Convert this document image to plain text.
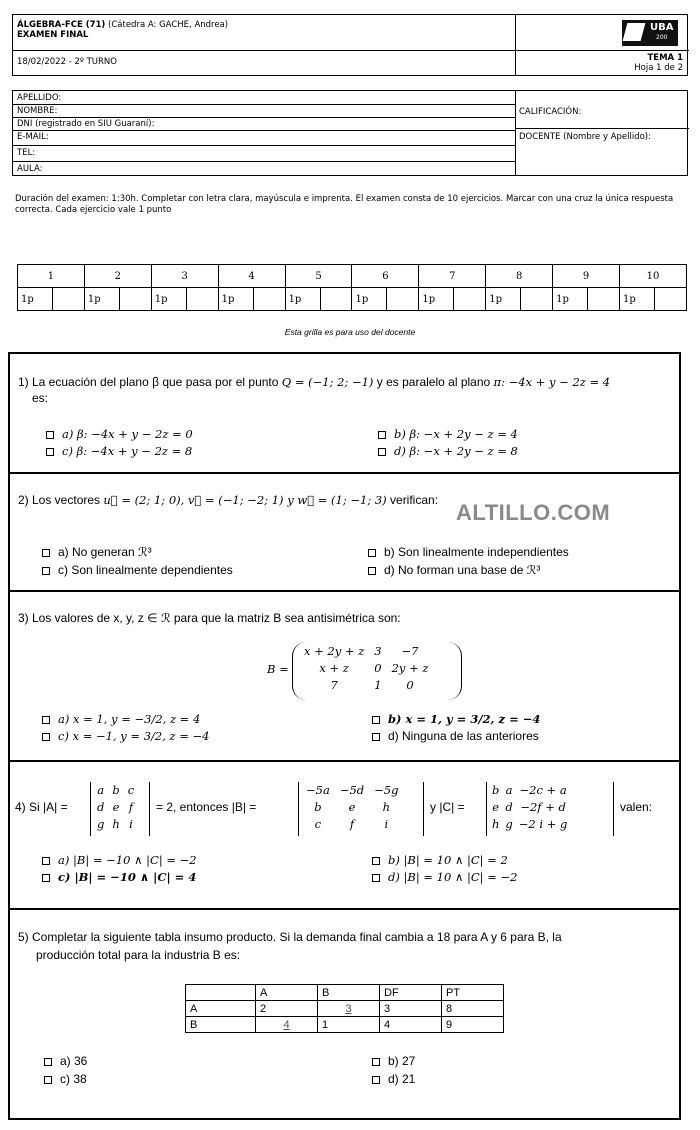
ÁLGEBRA-FCE (71) (Cátedra A: GACHE, Andrea)
EXAMEN FINAL
18/02/2022 - 2º TURNO	TEMA 1
Hoja 1 de 2
UBA
200
APELLIDO:
NOMBRE:
DNI (registrado en SIU Guaraní):
E-MAIL:
TEL:
AULA:
CALIFICACIÓN:
DOCENTE (Nombre y Apellido):
Duración del examen: 1:30h. Completar con letra clara, mayúscula e imprenta. El examen consta de 10 ejercicios. Marcar con una cruz la única respuesta correcta. Cada ejercicio vale 1 punto
1		2		3		4		5		6		7		8		9		10	
1p		1p		1p		1p		1p		1p		1p		1p		1p		1p	
Esta grilla es para uso del docente
1) La ecuación del plano β que pasa por el punto Q = (−1; 2; −1) y es paralelo al plano π: −4x + y − 2z = 4
es:
a) β: −4x + y − 2z = 0	b) β: −x + 2y − z = 4
c) β: −4x + y − 2z = 8	d) β: −x + 2y − z = 8
2) Los vectores u⃗ = (2; 1; 0), v⃗ = (−1; −2; 1) y w⃗ = (1; −1; 3) verifican:
a) No generan ℛ³	b) Son linealmente independientes
c) Son linealmente dependientes	d) No forman una base de ℛ³
3) Los valores de x, y, z ∈ ℛ para que la matriz B sea antisimétrica son:
B =
x + 2y + z	3	−7
x + z	0	2y + z
7	1	0
a) x = 1, y = −3/2, z = 4	b) x = 1, y = 3/2, z = −4
c) x = −1, y = 3/2, z = −4	d) Ninguna de las anteriores
4) Si |A| =
a	b	c
d	e	f
g	h	i
= 2, entonces |B| =
−5a	−5d	−5g
b	e	h
c	f	i
y |C| =
b	a	−2c + a
e	d	−2f + d
h	g	−2 i + g
valen:
a) |B| = −10 ∧ |C| = −2	b) |B| = 10 ∧ |C| = 2
c) |B| = −10 ∧ |C| = 4	d) |B| = 10 ∧ |C| = −2
5) Completar la siguiente tabla insumo producto. Si la demanda final cambia a 18 para A y 6 para B, la
producción total para la industria B es:
	A	B	DF	PT
A	2	3	3	8
B	4	1	4	9
a) 36	b) 27
c) 38	d) 21
ALTILLO.COM
